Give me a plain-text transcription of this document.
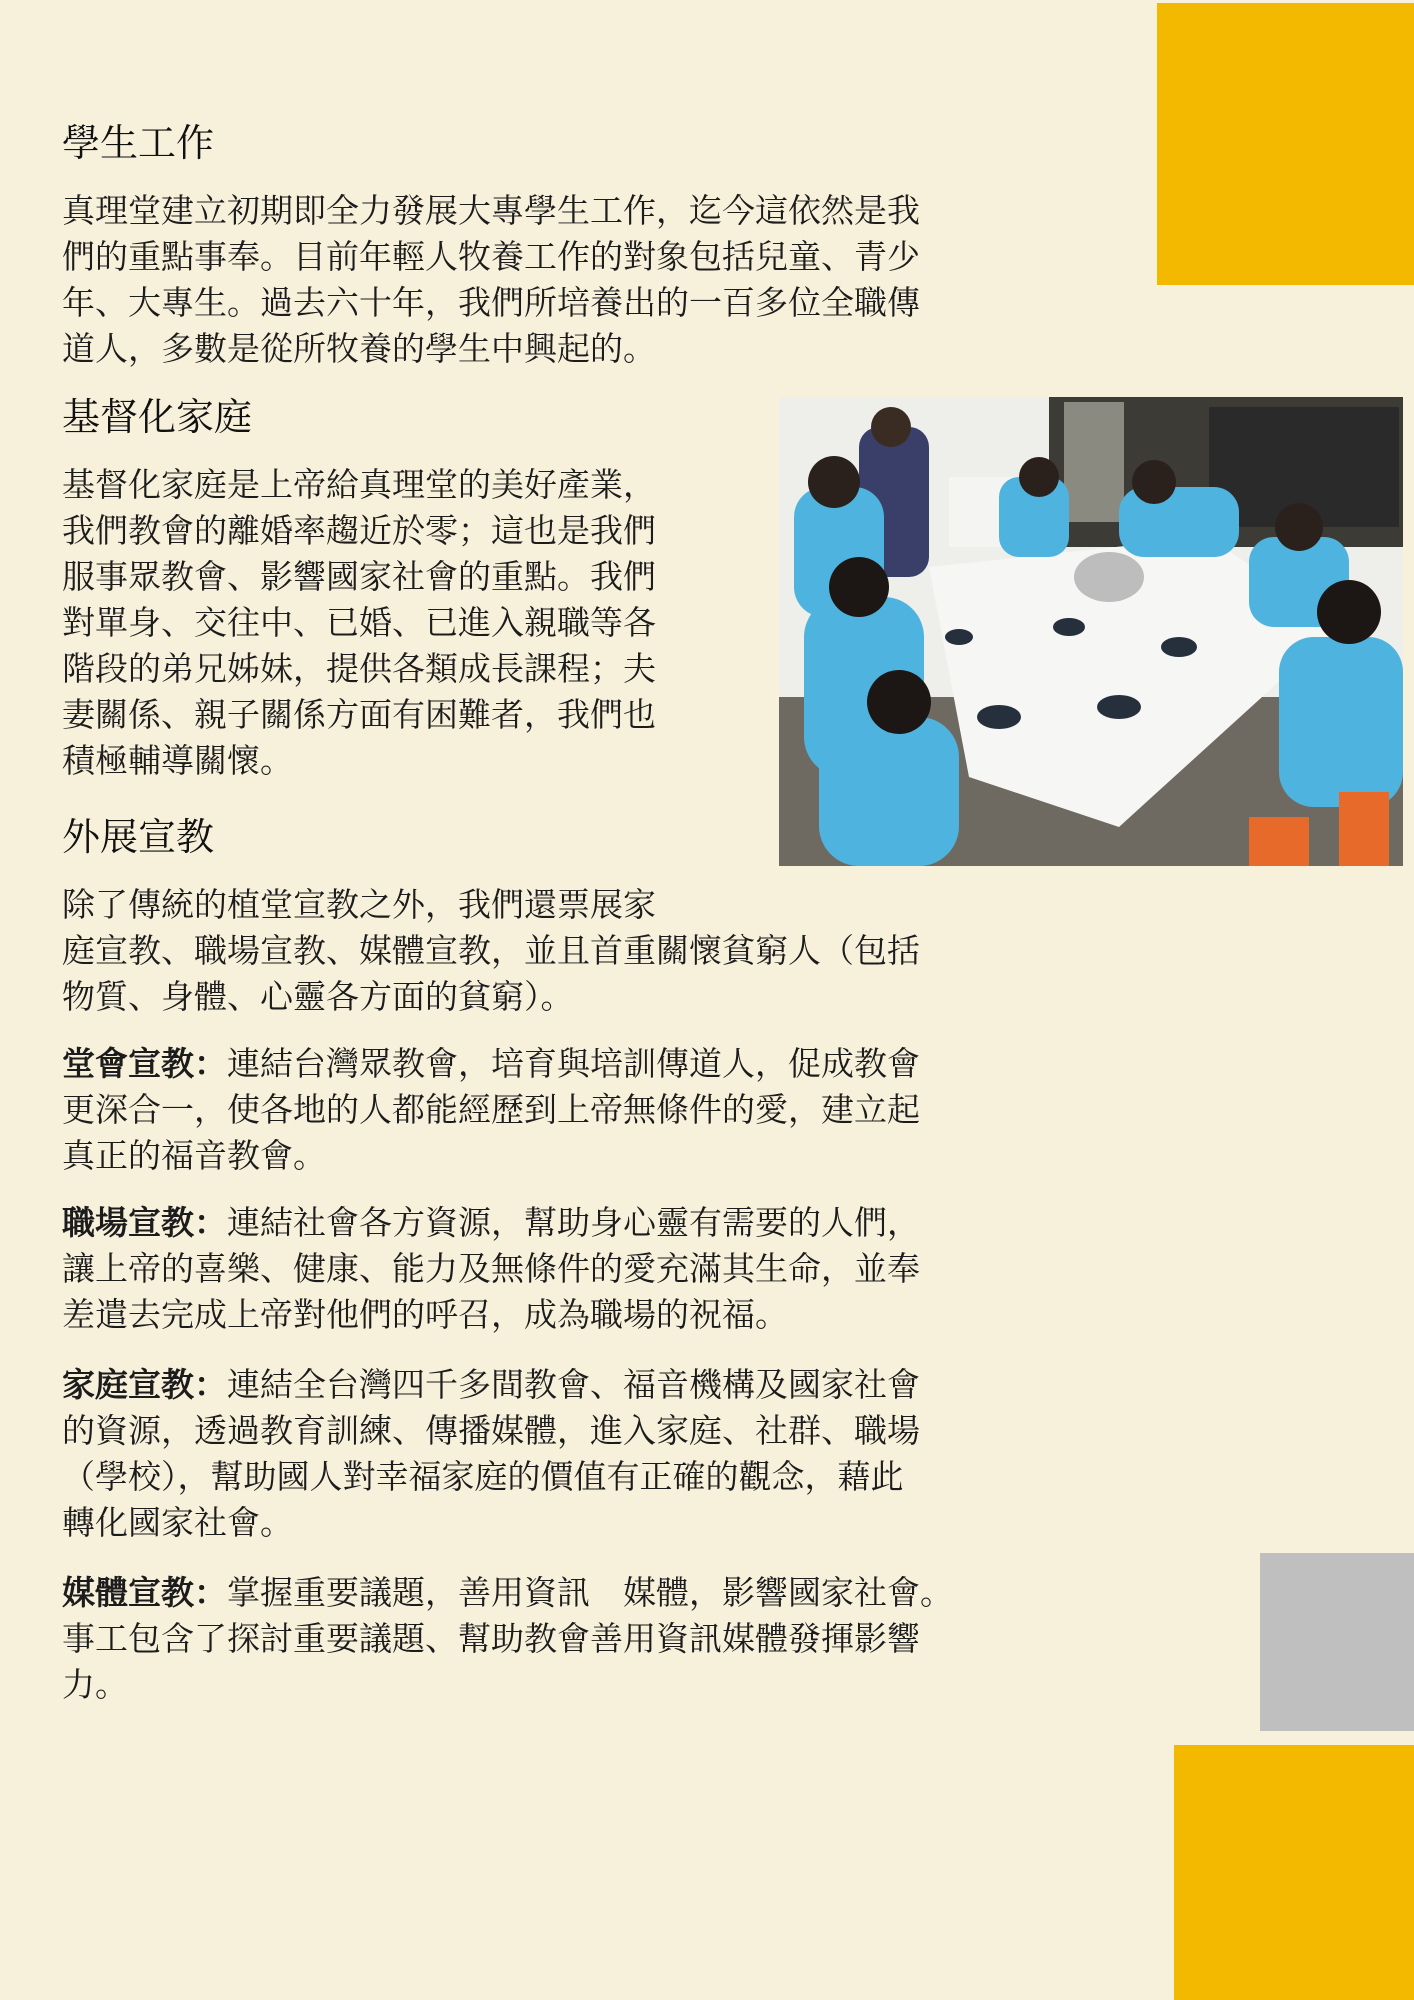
學生工作

真理堂建立初期即全力發展大專學生工作，迄今這依然是我
們的重點事奉。目前年輕人牧養工作的對象包括兒童、青少
年、大專生。過去六十年，我們所培養出的一百多位全職傳
道人，多數是從所牧養的學生中興起的。

基督化家庭

基督化家庭是上帝給真理堂的美好產業，
我們教會的離婚率趨近於零；這也是我們
服事眾教會、影響國家社會的重點。我們
對單身、交往中、已婚、已進入親職等各
階段的弟兄姊妹，提供各類成長課程；夫
妻關係、親子關係方面有困難者，我們也
積極輔導關懷。

外展宣教

除了傳統的植堂宣教之外，我們還票展家
庭宣教、職場宣教、媒體宣教，並且首重關懷貧窮人（包括
物質、身體、心靈各方面的貧窮）。

堂會宣教：連結台灣眾教會，培育與培訓傳道人，促成教會
更深合一，使各地的人都能經歷到上帝無條件的愛，建立起
真正的福音教會。

職場宣教：連結社會各方資源，幫助身心靈有需要的人們，
讓上帝的喜樂、健康、能力及無條件的愛充滿其生命，並奉
差遣去完成上帝對他們的呼召，成為職場的祝福。

家庭宣教：連結全台灣四千多間教會、福音機構及國家社會
的資源，透過教育訓練、傳播媒體，進入家庭、社群、職場
（學校），幫助國人對幸福家庭的價值有正確的觀念，藉此
轉化國家社會。

媒體宣教：掌握重要議題，善用資訊　媒體，影響國家社會。
事工包含了探討重要議題、幫助教會善用資訊媒體發揮影響
力。
